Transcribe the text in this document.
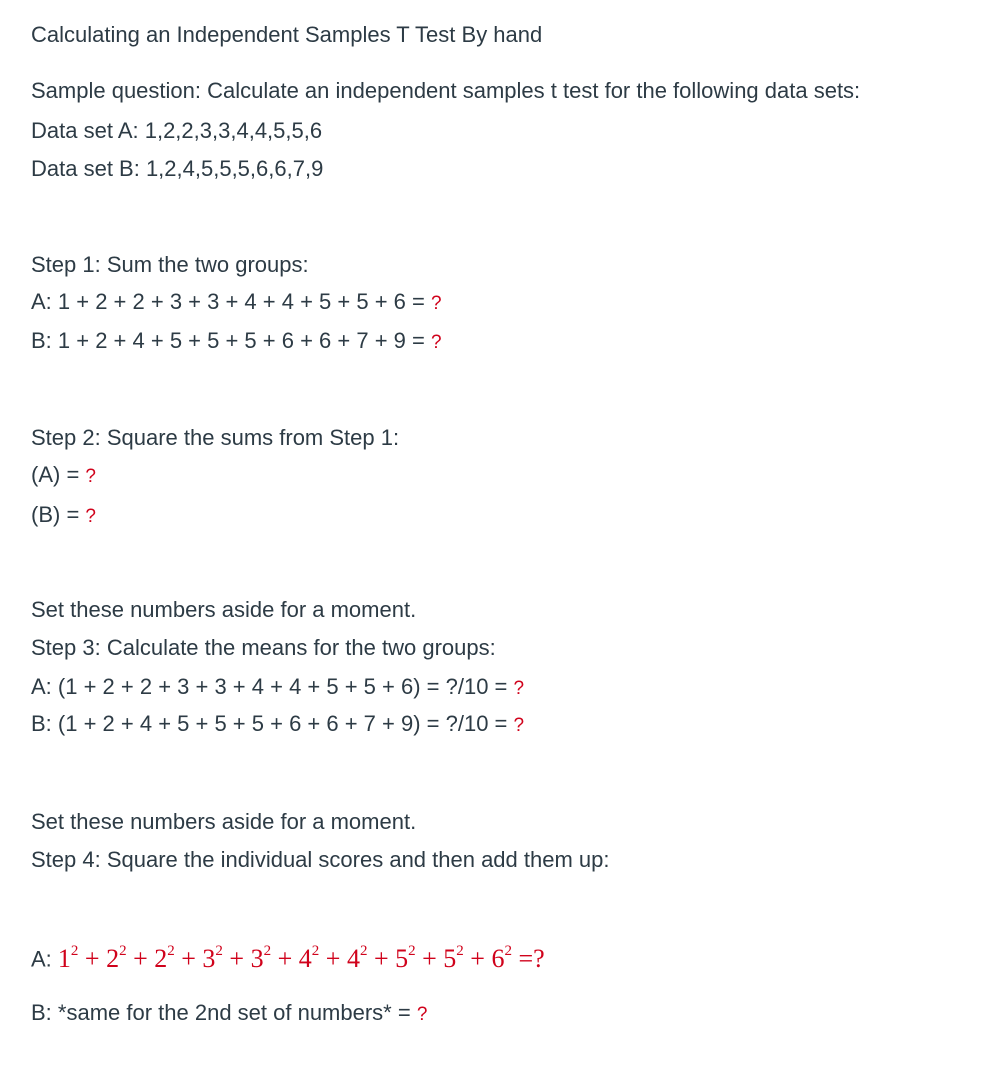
Calculating an Independent Samples T Test By hand
Sample question: Calculate an independent samples t test for the following data sets:
Data set A: 1,2,2,3,3,4,4,5,5,6
Data set B: 1,2,4,5,5,5,6,6,7,9
Step 1: Sum the two groups:
A: 1 + 2 + 2 + 3 + 3 + 4 + 4 + 5 + 5 + 6 = ?
B: 1 + 2 + 4 + 5 + 5 + 5 + 6 + 6 + 7 + 9 = ?
Step 2: Square the sums from Step 1:
(A) = ?
(B) = ?
Set these numbers aside for a moment.
Step 3: Calculate the means for the two groups:
A: (1 + 2 + 2 + 3 + 3 + 4 + 4 + 5 + 5 + 6) = ?/10 = ?
B: (1 + 2 + 4 + 5 + 5 + 5 + 6 + 6 + 7 + 9) = ?/10 = ?
Set these numbers aside for a moment.
Step 4: Square the individual scores and then add them up:
A: $1^2 + 2^2 + 2^2 + 3^2 + 3^2 + 4^2 + 4^2 + 5^2 + 5^2 + 6^2$ =?
B: *same for the 2nd set of numbers* = ?
